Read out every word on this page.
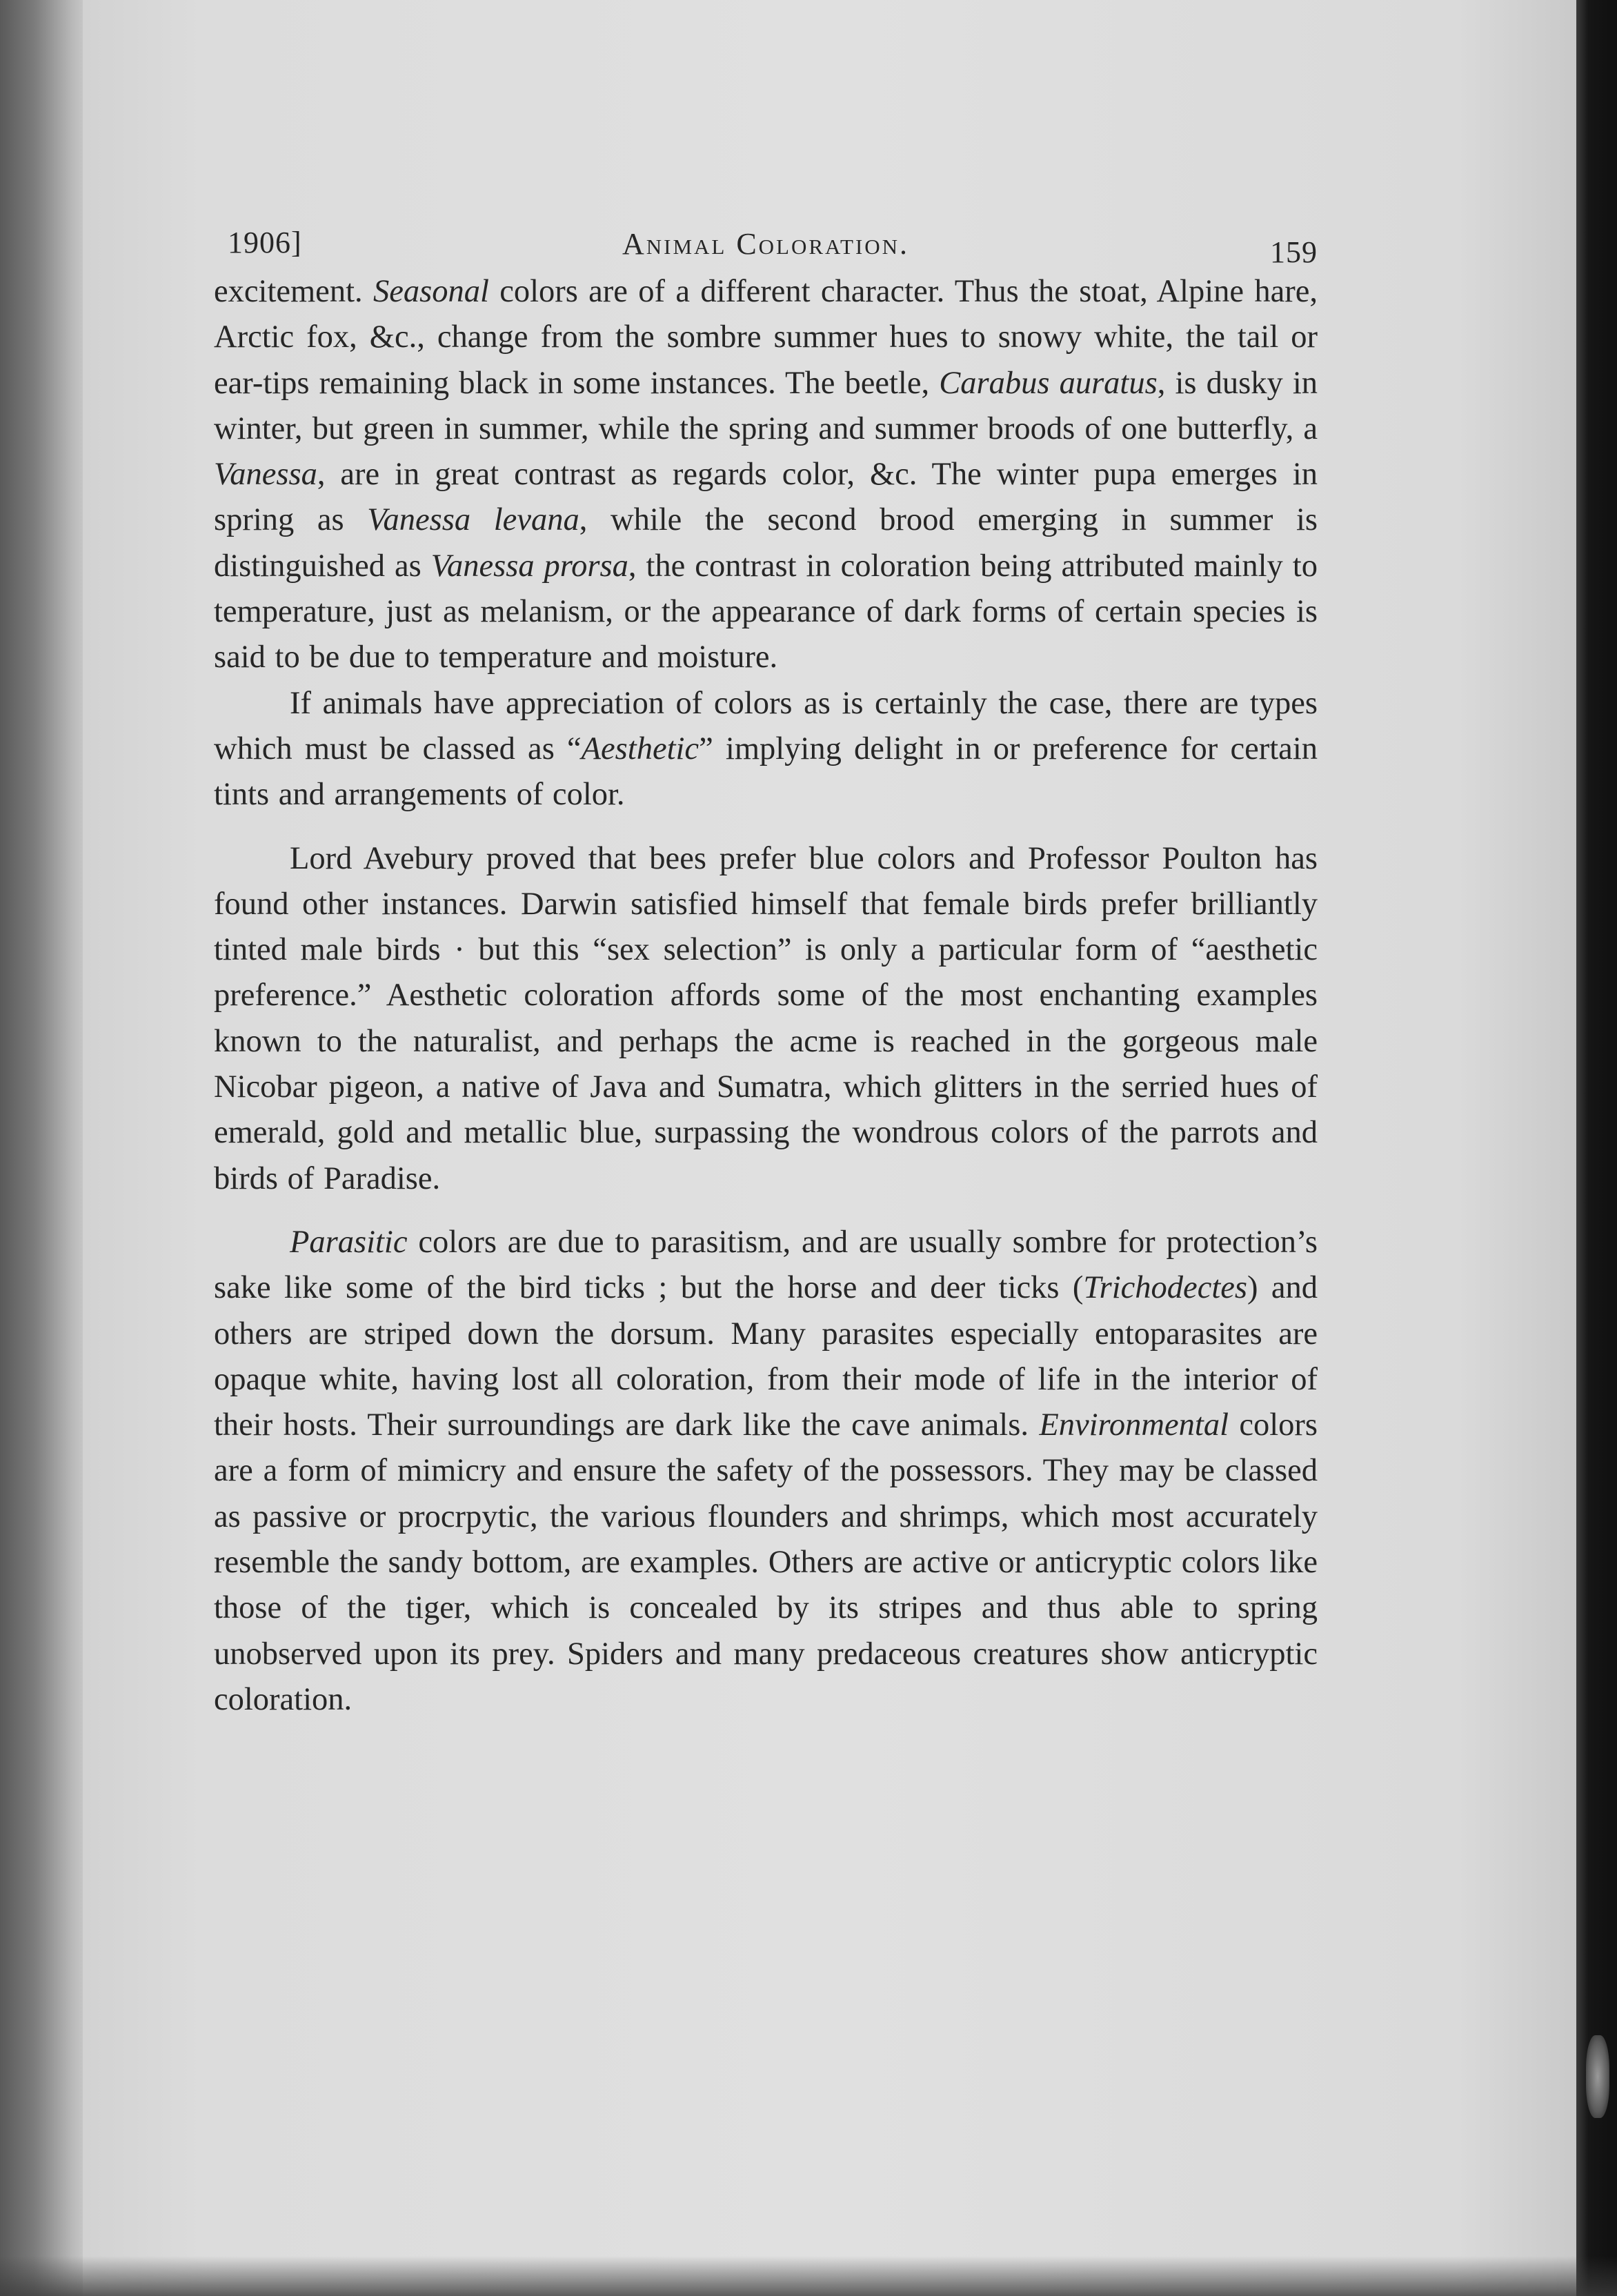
1906]	Animal Coloration.	159

excitement. Seasonal colors are of a different character. Thus the stoat, Alpine hare, Arctic fox, &c., change from the sombre summer hues to snowy white, the tail or ear-tips remaining black in some instances. The beetle, Carabus auratus, is dusky in winter, but green in summer, while the spring and summer broods of one butterfly, a Vanessa, are in great contrast as regards color, &c. The winter pupa emerges in spring as Vanessa levana, while the second brood emerging in summer is distinguished as Vanessa prorsa, the contrast in coloration being attributed mainly to temperature, just as melanism, or the appearance of dark forms of certain species is said to be due to temperature and moisture.

If animals have appreciation of colors as is certainly the case, there are types which must be classed as “Aesthetic” implying delight in or preference for certain tints and arrangements of color.

Lord Avebury proved that bees prefer blue colors and Professor Poulton has found other instances. Darwin satisfied himself that female birds prefer brilliantly tinted male birds · but this “sex selection” is only a particular form of “aesthetic preference.” Aesthetic coloration affords some of the most enchanting examples known to the naturalist, and perhaps the acme is reached in the gorgeous male Nicobar pigeon, a native of Java and Sumatra, which glitters in the serried hues of emerald, gold and metallic blue, surpassing the wondrous colors of the parrots and birds of Paradise.

Parasitic colors are due to parasitism, and are usually sombre for protection’s sake like some of the bird ticks ; but the horse and deer ticks (Trichodectes) and others are striped down the dorsum. Many parasites especially entoparasites are opaque white, having lost all coloration, from their mode of life in the interior of their hosts. Their surroundings are dark like the cave animals. Environmental colors are a form of mimicry and ensure the safety of the possessors. They may be classed as passive or procrpytic, the various flounders and shrimps, which most accurately resemble the sandy bottom, are examples. Others are active or anticryptic colors like those of the tiger, which is concealed by its stripes and thus able to spring unobserved upon its prey. Spiders and many predaceous creatures show anticryptic coloration.
